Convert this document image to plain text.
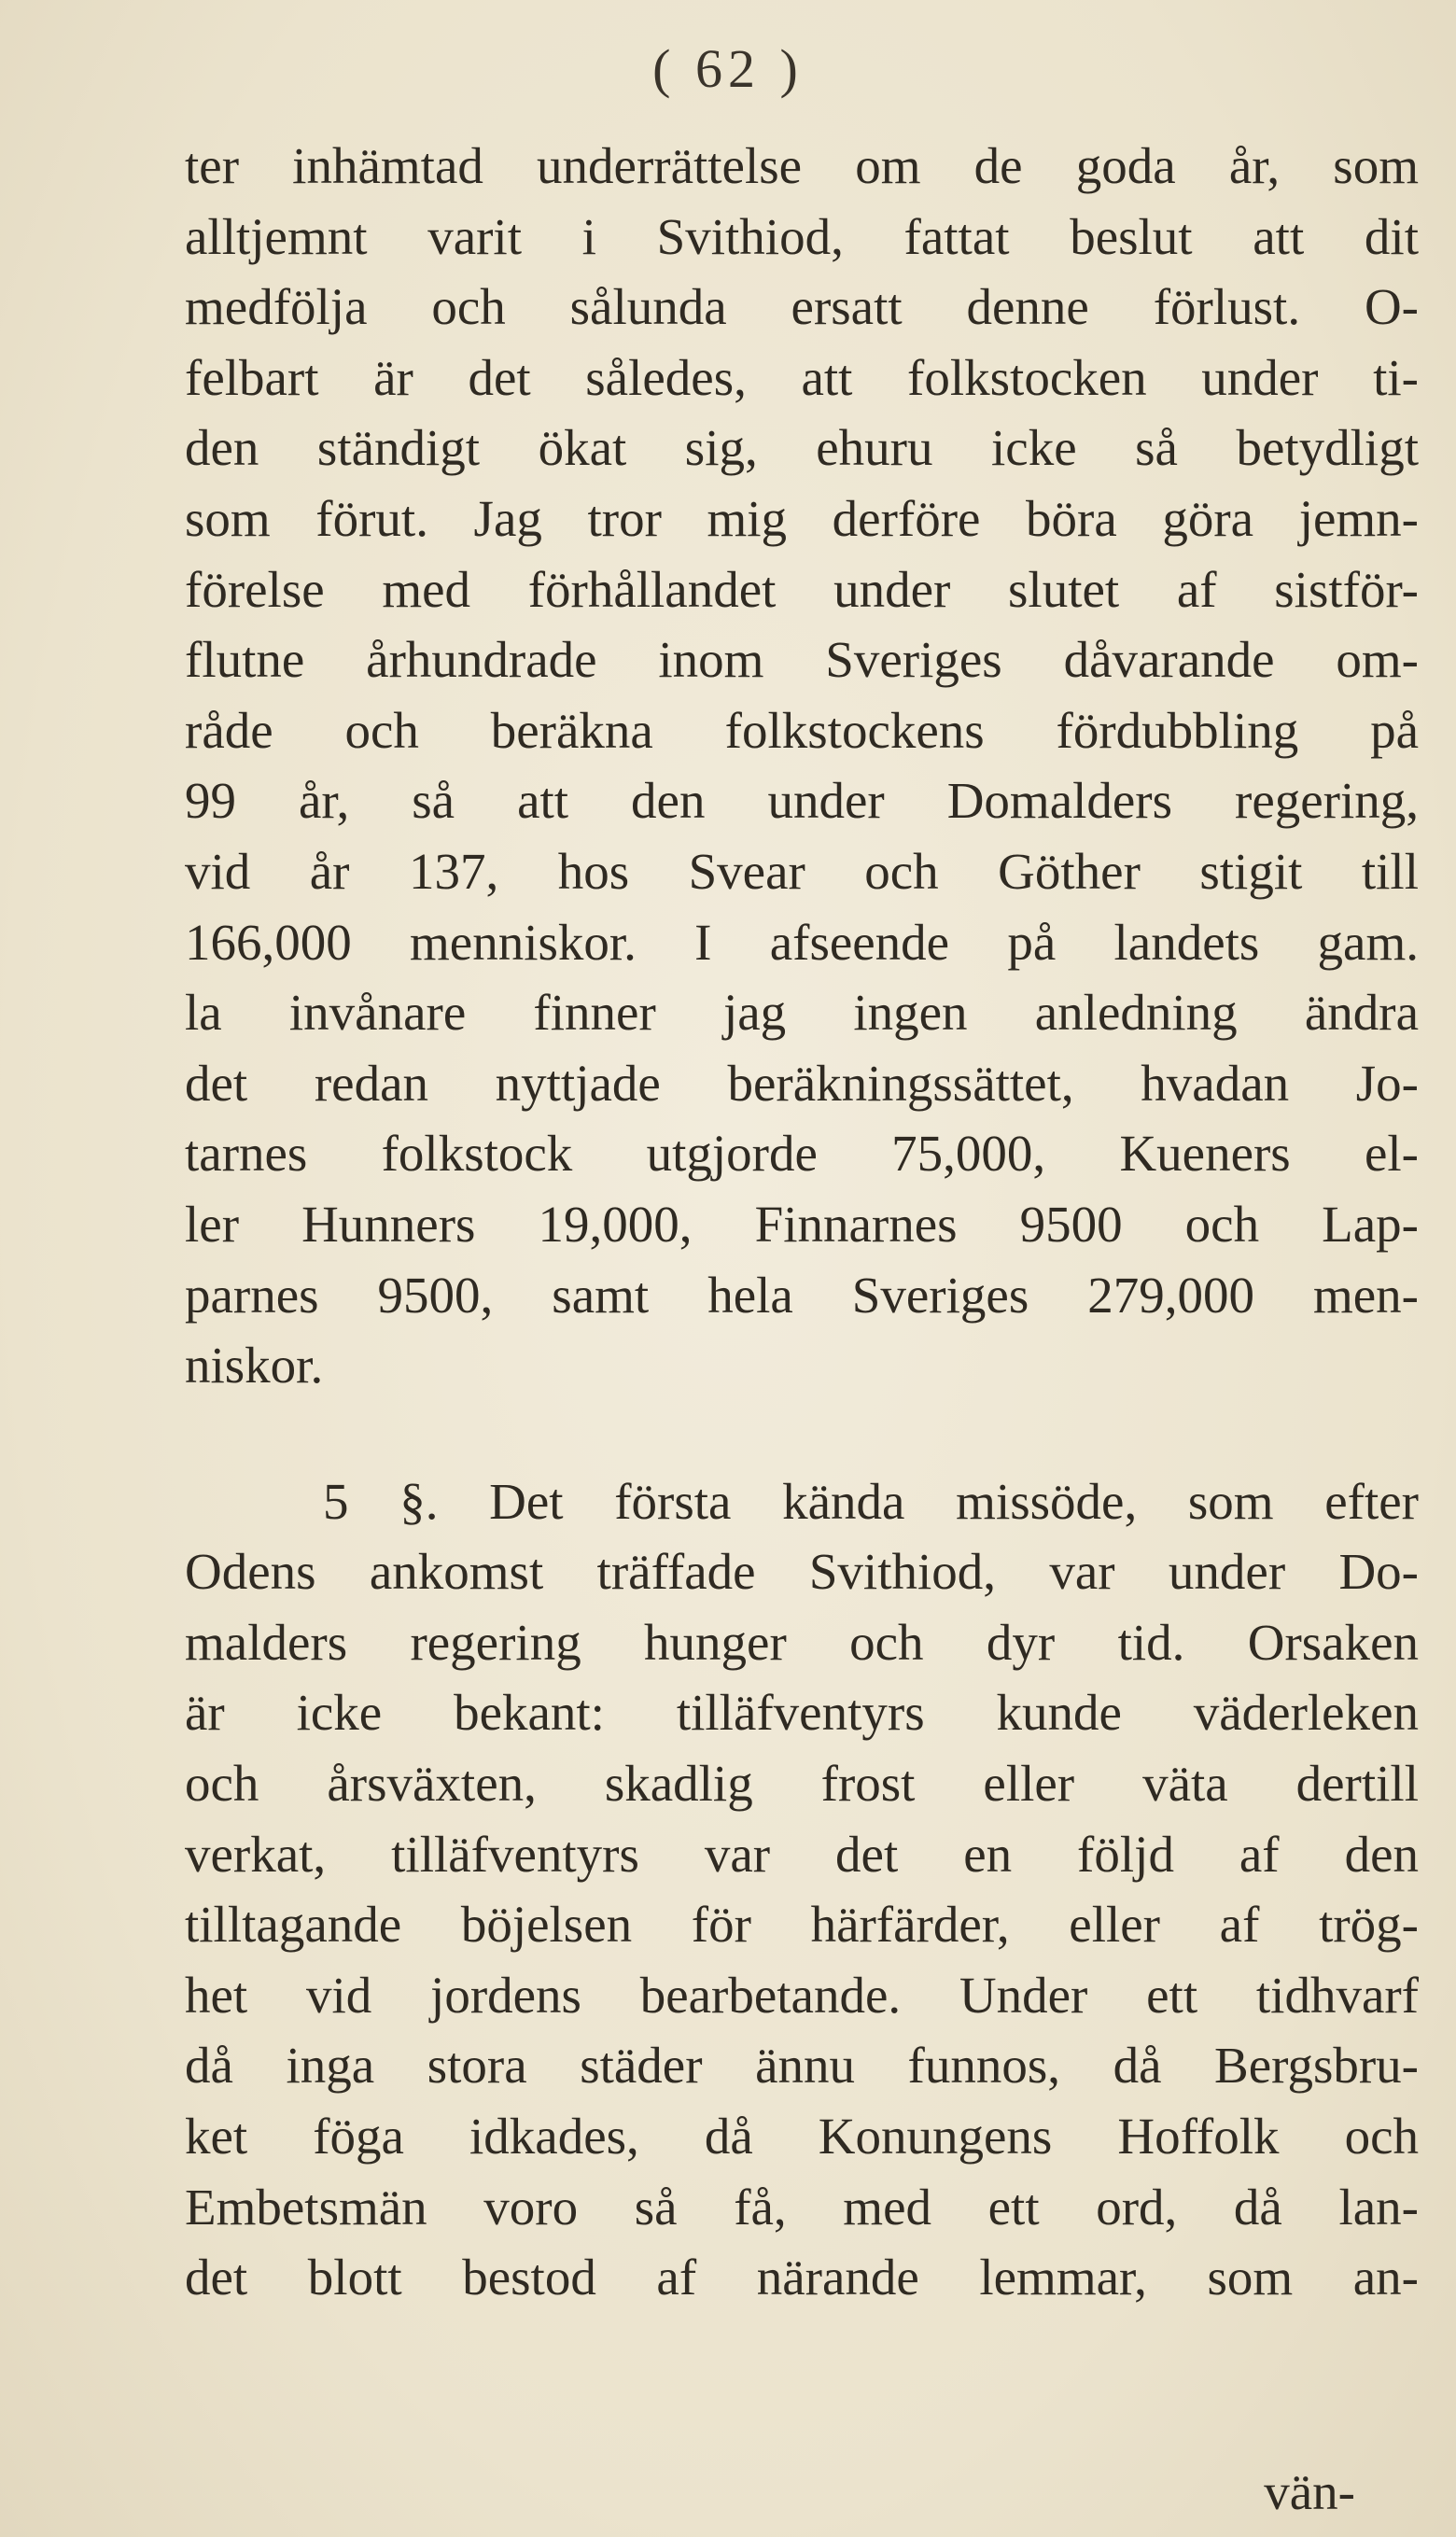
( 62 )
ter inhämtad underrättelse om de goda år, som
alltjemnt varit i Svithiod, fattat beslut att dit
medfölja och sålunda ersatt denne förlust. O-
felbart är det således, att folkstocken under ti-
den ständigt ökat sig, ehuru icke så betydligt
som förut. Jag tror mig derföre böra göra jemn-
förelse med förhållandet under slutet af sistför-
flutne århundrade inom Sveriges dåvarande om-
råde och beräkna folkstockens fördubbling på
99 år, så att den under Domalders regering,
vid år 137, hos Svear och Göther stigit till
166,000 menniskor. I afseende på landets gam.
la invånare finner jag ingen anledning ändra
det redan nyttjade beräkningssättet, hvadan Jo-
tarnes folkstock utgjorde 75,000, Kueners el-
ler Hunners 19,000, Finnarnes 9500 och Lap-
parnes 9500, samt hela Sveriges 279,000 men-
niskor.
5 §. Det första kända missöde, som efter
Odens ankomst träffade Svithiod, var under Do-
malders regering hunger och dyr tid. Orsaken
är icke bekant: tilläfventyrs kunde väderleken
och årsväxten, skadlig frost eller väta dertill
verkat, tilläfventyrs var det en följd af den
tilltagande böjelsen för härfärder, eller af trög-
het vid jordens bearbetande. Under ett tidhvarf
då inga stora städer ännu funnos, då Bergsbru-
ket föga idkades, då Konungens Hoffolk och
Embetsmän voro så få, med ett ord, då lan-
det blott bestod af närande lemmar, som an-
vän-
